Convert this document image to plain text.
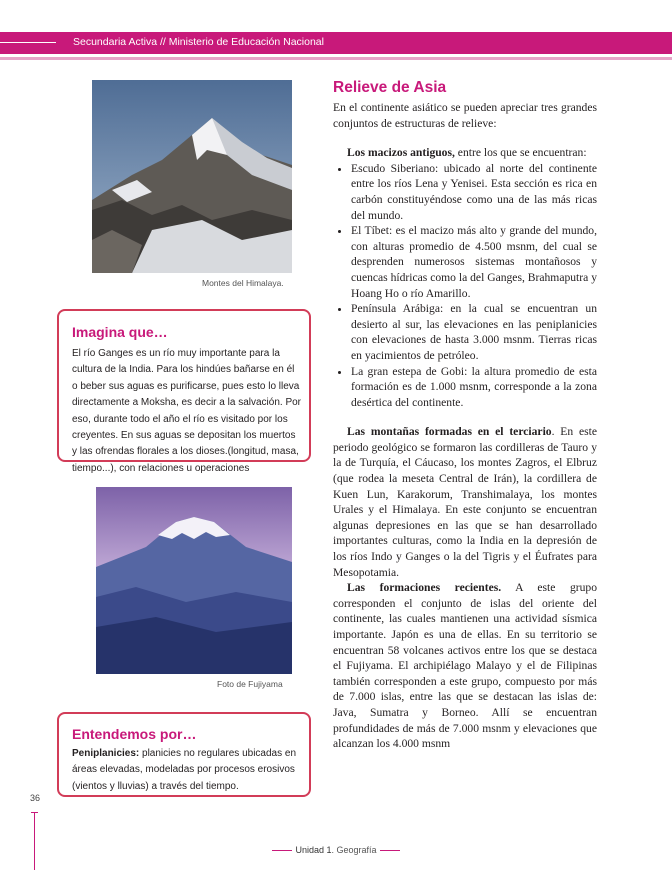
Secundaria Activa // Ministerio de Educación Nacional
Montes del Himalaya.
Imagina que…
El río Ganges es un río muy importante para la cultura de la India. Para los hindúes bañarse en él o beber sus aguas es purificarse, pues esto lo lleva directamente a Moksha, es decir a la salvación. Por eso, durante todo el año el río es visitado por los creyentes. En sus aguas se depositan los muertos y las ofrendas florales a los dioses.(longitud, masa, tiempo...), con relaciones u operaciones
Foto de Fujiyama
Entendemos por…
Peniplanicies: planicies no regulares ubicadas en áreas elevadas, modeladas por procesos erosivos (vientos y lluvias) a través del tiempo.
36
Unidad 1. Geografía
Relieve de Asia

En el continente asiático se pueden apreciar tres grandes conjuntos de estructuras de relieve:

Los macizos antiguos, entre los que se encuentran:

• Escudo Siberiano: ubicado al norte del continente entre los ríos Lena y Yenisei. Esta sección es rica en carbón constituyéndose como una de las más ricas del mundo.
• El Tíbet: es el macizo más alto y grande del mundo, con alturas promedio de 4.500 msnm, del cual se desprenden numerosos sistemas montañosos y cuencas hídricas como la del Ganges, Brahmaputra y Hoang Ho o río Amarillo.
• Península Arábiga: en la cual se encuentran un desierto al sur, las elevaciones en las peniplanicies con elevaciones de hasta 3.000 msnm. Tierras ricas en yacimientos de petróleo.
• La gran estepa de Gobi: la altura promedio de esta formación es de 1.000 msnm, corresponde a la zona desértica del continente.

Las montañas formadas en el terciario. En este periodo geológico se formaron las cordilleras de Tauro y la de Turquía, el Cáucaso, los montes Zagros, el Elbruz (que rodea la meseta Central de Irán), la cordillera de Kuen Lun, Karakorum, Transhimalaya, los montes Urales y el Himalaya. En este conjunto se encuentran algunas depresiones en las que se han desarrollado importantes culturas, como la India en la depresión de los ríos Indo y Ganges o la del Tigris y el Éufrates para Mesopotamia.

Las formaciones recientes. A este grupo corresponden el conjunto de islas del oriente del continente, las cuales mantienen una actividad sísmica importante. Japón es una de ellas. En su territorio se encuentran 58 volcanes activos entre los que se destaca el Fujiyama. El archipiélago Malayo y el de Filipinas también corresponden a este grupo, compuesto por más de 7.000 islas, entre las que se destacan las islas de: Java, Sumatra y Borneo. Allí se encuentran profundidades de más de 7.000 msnm y elevaciones que alcanzan los 4.000 msnm
